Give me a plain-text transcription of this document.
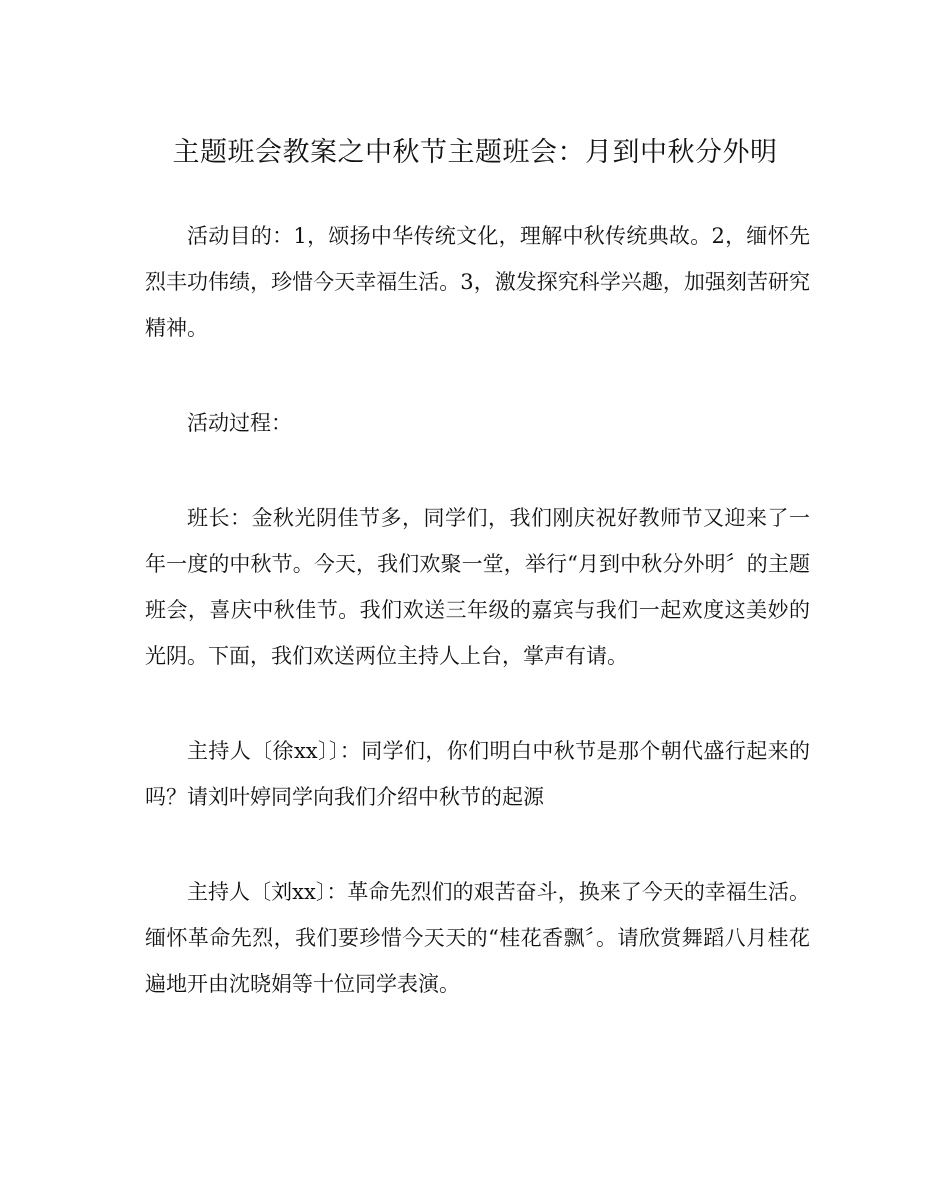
主题班会教案之中秋节主题班会：月到中秋分外明

活动目的：1，颂扬中华传统文化，理解中秋传统典故。2，缅怀先烈丰功伟绩，珍惜今天幸福生活。3，激发探究科学兴趣，加强刻苦研究精神。

活动过程：

班长：金秋光阴佳节多，同学们，我们刚庆祝好教师节又迎来了一年一度的中秋节。今天，我们欢聚一堂，举行“月到中秋分外明〞的主题班会，喜庆中秋佳节。我们欢送三年级的嘉宾与我们一起欢度这美妙的光阴。下面，我们欢送两位主持人上台，掌声有请。

主持人〔徐xx〕〕：同学们，你们明白中秋节是那个朝代盛行起来的吗？请刘叶婷同学向我们介绍中秋节的起源

主持人〔刘xx〕：革命先烈们的艰苦奋斗，换来了今天的幸福生活。缅怀革命先烈，我们要珍惜今天天的“桂花香飘〞。请欣赏舞蹈八月桂花遍地开由沈晓娟等十位同学表演。
